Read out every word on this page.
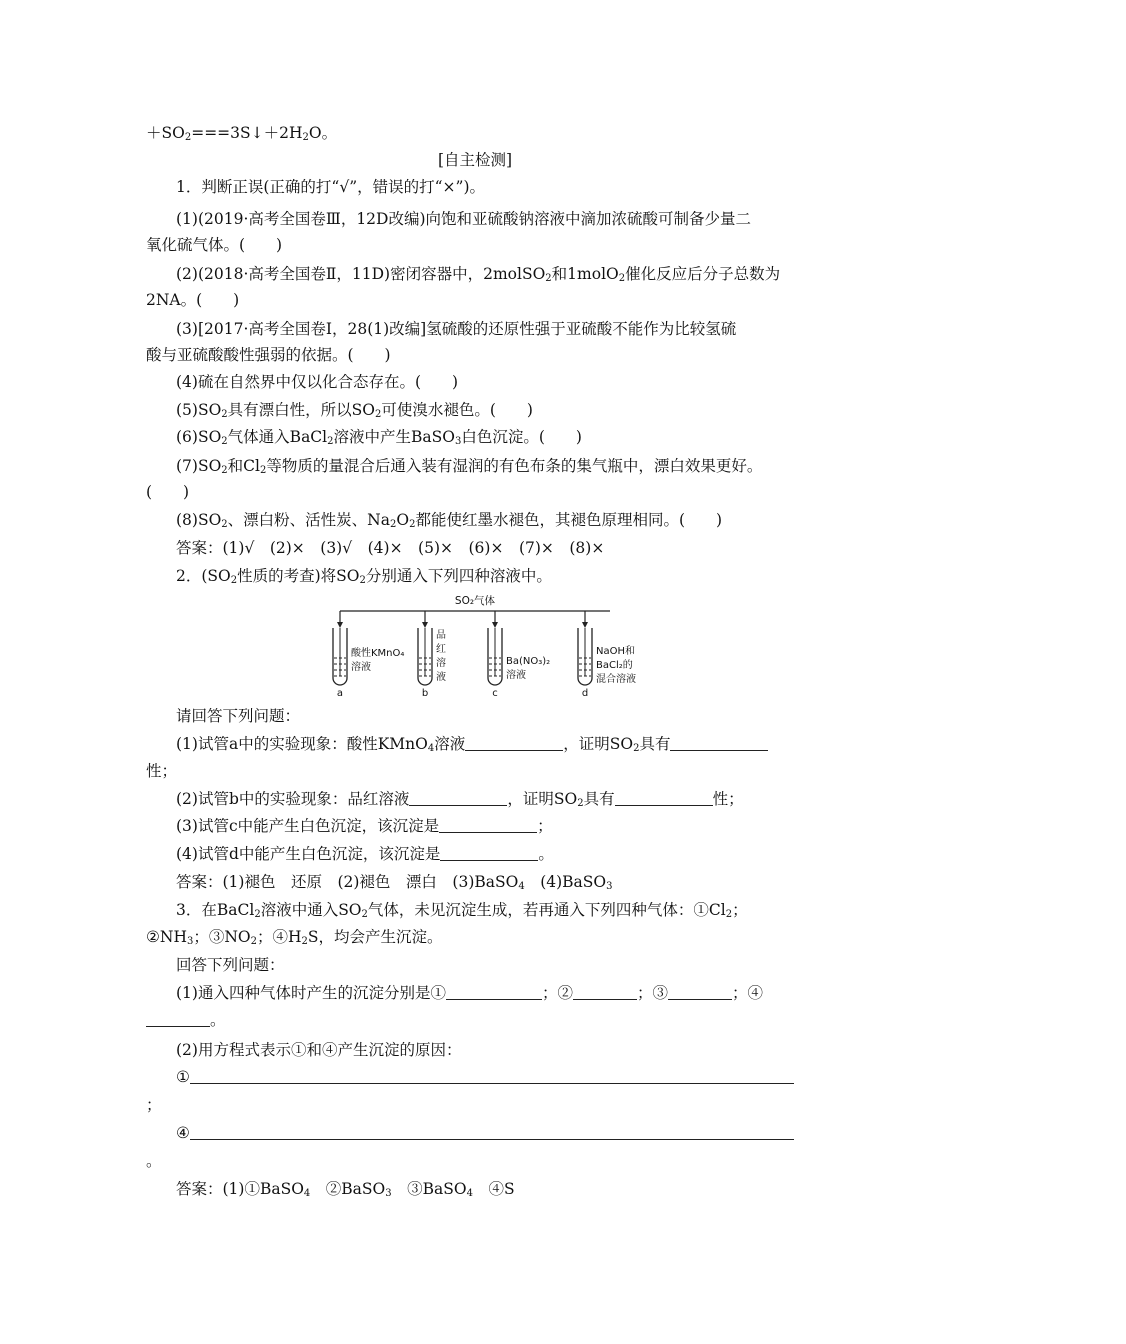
$+SO_2===3S↓+2H_2O$。
[自主检测]
1．判断正误(正确的打“√”，错误的打“×”)。
(1)(2019·高考全国卷Ⅲ，12D改编)向饱和亚硫酸钠溶液中滴加浓硫酸可制备少量二
氧化硫气体。(　　)
(2)(2018·高考全国卷Ⅱ，11D)密闭容器中，2molSO$_2$和1molO$_2$催化反应后分子总数为
2NA。(　　)
(3)[2017·高考全国卷Ⅰ，28(1)改编]氢硫酸的还原性强于亚硫酸不能作为比较氢硫
酸与亚硫酸酸性强弱的依据。(　　)
(4)硫在自然界中仅以化合态存在。(　　)
$(5)SO_2$具有漂白性，所以$SO_2$可使溴水褪色。(　　)
$(6)SO_2$气体通入BaCl$_2$溶液中产生BaSO$_3$白色沉淀。(　　)
$(7)SO_2$和$Cl_2$等物质的量混合后通入装有湿润的有色布条的集气瓶中，漂白效果更好。
(　　)
$(8)SO_2$、漂白粉、活性炭、$Na_2O_2$都能使红墨水褪色，其褪色原理相同。(　　)
答案：(1)√　(2)×　(3)√　(4)×　(5)×　(6)×　(7)×　(8)×
2．($SO_2$性质的考查)将$SO_2$分别通入下列四种溶液中。
SO₂气体
酸性KMnO₄
溶液
a
品
红
溶
液
b
Ba(NO₃)₂
溶液
c
NaOH和
BaCl₂的
混合溶液
d
请回答下列问题：
(1)试管a中的实验现象：酸性KMnO$_4$溶液	，证明$SO_2$具有
性；
(2)试管b中的实验现象：品红溶液	，证明$SO_2$具有	性；
(3)试管c中能产生白色沉淀，该沉淀是	；
(4)试管d中能产生白色沉淀，该沉淀是	。
答案：(1)褪色　还原　(2)褪色　漂白　(3)BaSO$_4$　(4)BaSO$_3$
3．在BaCl$_2$溶液中通入$SO_2$气体，未见沉淀生成，若再通入下列四种气体：$①Cl_2$；
$②NH_3$；$③NO_2$；$④H_2S$，均会产生沉淀。
回答下列问题：
(1)通入四种气体时产生的沉淀分别是①	；②	；③	；④
。
(2)用方程式表示①和④产生沉淀的原因：
①
；
④
。
答案：(1)①BaSO$_4$　②BaSO$_3$　③BaSO$_4$　④S
